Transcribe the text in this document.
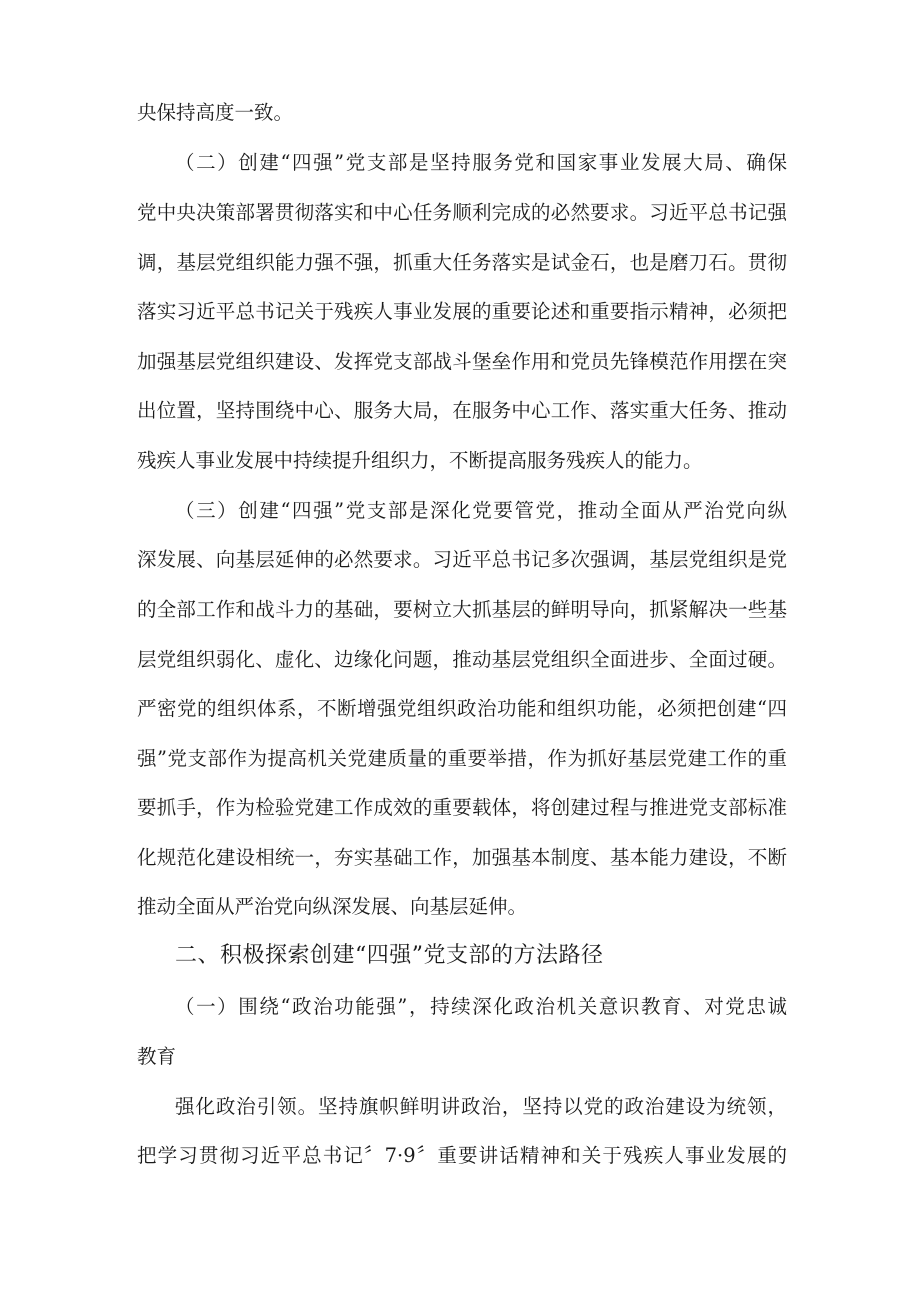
央保持高度一致。
（二）创建“四强”党支部是坚持服务党和国家事业发展大局、确保
党中央决策部署贯彻落实和中心任务顺利完成的必然要求。习近平总书记强
调，基层党组织能力强不强，抓重大任务落实是试金石，也是磨刀石。贯彻
落实习近平总书记关于残疾人事业发展的重要论述和重要指示精神，必须把
加强基层党组织建设、发挥党支部战斗堡垒作用和党员先锋模范作用摆在突
出位置，坚持围绕中心、服务大局，在服务中心工作、落实重大任务、推动
残疾人事业发展中持续提升组织力，不断提高服务残疾人的能力。
（三）创建“四强”党支部是深化党要管党，推动全面从严治党向纵
深发展、向基层延伸的必然要求。习近平总书记多次强调，基层党组织是党
的全部工作和战斗力的基础，要树立大抓基层的鲜明导向，抓紧解决一些基
层党组织弱化、虚化、边缘化问题，推动基层党组织全面进步、全面过硬。
严密党的组织体系，不断增强党组织政治功能和组织功能，必须把创建“四
强”党支部作为提高机关党建质量的重要举措，作为抓好基层党建工作的重
要抓手，作为检验党建工作成效的重要载体，将创建过程与推进党支部标准
化规范化建设相统一，夯实基础工作，加强基本制度、基本能力建设，不断
推动全面从严治党向纵深发展、向基层延伸。
二、积极探索创建“四强”党支部的方法路径
（一）围绕“政治功能强”，持续深化政治机关意识教育、对党忠诚
教育
强化政治引领。坚持旗帜鲜明讲政治，坚持以党的政治建设为统领，
把学习贯彻习近平总书记〞7·9〞重要讲话精神和关于残疾人事业发展的
